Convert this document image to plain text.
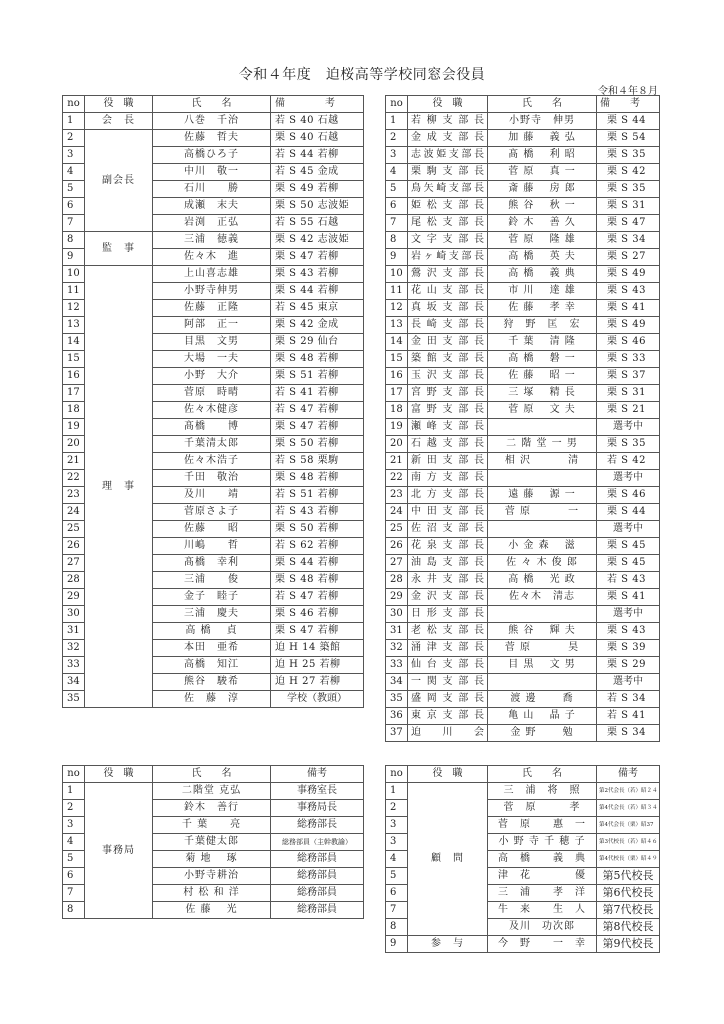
令和４年度　迫桜高等学校同窓会役員
令和４年８月
no	役　職	氏　　名	備　　　　考
1	会　長	八巻　千治	若 S 40 石越
2	副会長	佐藤　哲夫	栗 S 40 石越
3		高橋ひろ子	若 S 44 若柳
4		中川　敬一	若 S 45 金成
5		石川　　勝	栗 S 49 若柳
6		成瀬　末夫	栗 S 50 志波姫
7		岩渕　正弘	若 S 55 石越
8	監　事	三浦　徳義	栗 S 42 志波姫
9		佐々木　進	栗 S 47 若柳
10	理　事	上山喜志雄	栗 S 43 若柳
11		小野寺伸男	栗 S 44 若柳
12		佐藤　正隆	若 S 45 東京
13		阿部　正一	栗 S 42 金成
14		目黒　文男	栗 S 29 仙台
15		大場　一夫	栗 S 48 若柳
16		小野　大介	栗 S 51 若柳
17		菅原　時晴	若 S 41 若柳
18		佐々木健彦	若 S 47 若柳
19		髙橋　　博	栗 S 47 若柳
20		千葉清太郎	栗 S 50 若柳
21		佐々木浩子	若 S 58 栗駒
22		千田　敬治	栗 S 48 若柳
23		及川　　靖	若 S 51 若柳
24		菅原さよ子	若 S 43 若柳
25		佐藤　　昭	栗 S 50 若柳
26		川嶋　　哲	若 S 62 若柳
27		髙橋　幸利	栗 S 44 若柳
28		三浦　　俊	栗 S 48 若柳
29		金子　睦子	若 S 47 若柳
30		三浦　慶夫	栗 S 46 若柳
31		高 橋　 貞	栗 S 47 若柳
32		本田　亜希	迫 H 14 築館
33		高橋　知江	迫 H 25 若柳
34		熊谷　駿希	迫 H 27 若柳
35		佐　藤　淳	学校（教頭）
no	役　職	氏　　名	備　　考
1	若柳支部長	小野寺　伸男	栗 S 44
2	金成支部長	加 藤　 義 弘	栗 S 54
3	志波姫支部長	髙 橋　 利 昭	栗 S 35
4	栗駒支部長	菅 原　 真 一	栗 S 42
5	鳥矢崎支部長	斎 藤　 房 郎	栗 S 35
6	姫松支部長	熊 谷　 秋 一	栗 S 31
7	尾松支部長	鈴 木　 善 久	栗 S 47
8	文字支部長	菅 原　 隆 雄	栗 S 34
9	岩ヶ崎支部長	高 橋　 英 夫	栗 S 27
10	鶯沢支部長	高 橋　 義 典	栗 S 49
11	花山支部長	市 川　 達 雄	栗 S 43
12	真坂支部長	佐 藤　 孝 幸	栗 S 41
13	長崎支部長	狩　野　匡　宏	栗 S 49
14	金田支部長	千 葉　 清 隆	栗 S 46
15	築館支部長	高 橋　 磐 一	栗 S 33
16	玉沢支部長	佐 藤　 昭 一	栗 S 37
17	宮野支部長	三 塚　 精 長	栗 S 31
18	富野支部長	菅 原　 文 夫	栗 S 21
19	瀬峰支部長		選考中
20	石越支部長	二 階 堂 一 男	栗 S 35
21	新田支部長	相 沢　　　 清	若 S 42
22	南方支部長		選考中
23	北方支部長	遠 藤　 源 一	栗 S 46
24	中田支部長	菅 原　　　 一	栗 S 44
25	佐沼支部長		選考中
26	花泉支部長	小 金 森　 滋	栗 S 45
27	油島支部長	佐 々 木 俊 郎	栗 S 45
28	永井支部長	高 橋　 光 政	若 S 43
29	金沢支部長	佐々木　清志	栗 S 41
30	日形支部長		選考中
31	老松支部長	熊 谷　 輝 夫	栗 S 43
32	涌津支部長	菅 原　　　 昊	栗 S 39
33	仙台支部長	目 黒　 文 男	栗 S 29
34	一関支部長		選考中
35	盛岡支部長	渡 邊　　 喬	若 S 34
36	東京支部長	亀 山　 晶 子	若 S 41
37	迫川会	金 野　　 勉	栗 S 34
no	役　職	氏　　名	備考
1	事務局	二階堂 克弘	事務室長
2		鈴木　善行	事務局長
3		千 葉　　亮	総務部長
4		千葉健太郎	総務部員（主幹教諭）
5		菊 地　 琢	総務部員
6		小野寺耕治	総務部員
7		村 松 和 洋	総務部員
8		佐 藤　 光	総務部員
no	役　職	氏　　名	備考
1	顧　問	三　浦　将　照	第2代会長（若）昭２４
2		菅　原　　　孝	第4代会長（若）昭３４
3		菅　原　　惠　一	第4代会長（栗）昭37
3		小 野 寺 千 穂 子	第3代校長（若）昭４６
4		高　橋　　義　典	第4代校長（栗）昭４９
5		津　花　　　　優	第5代校長
6		三　浦　　孝　洋	第6代校長
7		牛　来　　生　人	第7代校長
8		及川　功次郎	第8代校長
9	参　与	今　野　　一　幸	第9代校長
